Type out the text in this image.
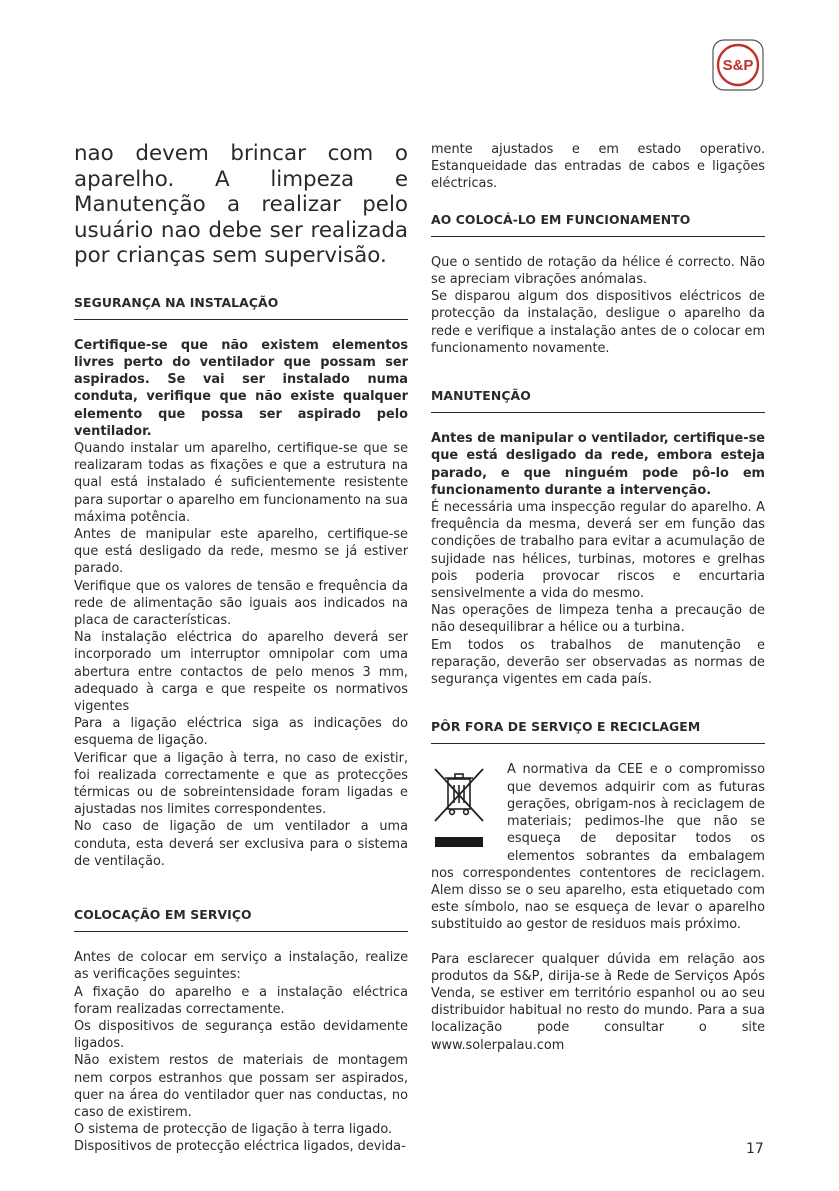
S&P

nao devem brincar com o aparelho. A limpeza e Manutenção a realizar pelo usuário nao debe ser realizada por crianças sem supervisão.

SEGURANÇA NA INSTALAÇÃO

Certifique-se que não existem elementos livres perto do ventilador que possam ser aspirados. Se vai ser instalado numa conduta, verifique que não existe qualquer elemento que possa ser aspirado pelo ventilador.

Quando instalar um aparelho, certifique-se que se realizaram todas as fixações e que a estrutura na qual está instalado é suficientemente resistente para suportar o aparelho em funcionamento na sua máxima potência.

Antes de manipular este aparelho, certifique-se que está desligado da rede, mesmo se já estiver parado.

Verifique que os valores de tensão e frequência da rede de alimentação são iguais aos indicados na placa de características.

Na instalação eléctrica do aparelho deverá ser incorporado um interruptor omnipolar com uma abertura entre contactos de pelo menos 3 mm, adequado à carga e que respeite os normativos vigentes

Para a ligação eléctrica siga as indicações do esquema de ligação.

Verificar que a ligação à terra, no caso de existir, foi realizada correctamente e que as protecções térmicas ou de sobreintensidade foram ligadas e ajustadas nos limites correspondentes.

No caso de ligação de um ventilador a uma conduta, esta deverá ser exclusiva para o sistema de ventilação.

COLOCAÇÃO EM SERVIÇO

Antes de colocar em serviço a instalação, realize as verificações seguintes:

A fixação do aparelho e a instalação eléctrica foram realizadas correctamente.

Os dispositivos de segurança estão devidamente ligados.

Não existem restos de materiais de montagem nem corpos estranhos que possam ser aspirados, quer na área do ventilador quer nas conductas, no caso de existirem.

O sistema de protecção de ligação à terra ligado.

Dispositivos de protecção eléctrica ligados, devida-

mente ajustados e em estado operativo. Estanqueidade das entradas de cabos e ligações eléctricas.

AO COLOCÁ-LO EM FUNCIONAMENTO

Que o sentido de rotação da hélice é correcto. Não se apreciam vibrações anómalas.

Se disparou algum dos dispositivos eléctricos de protecção da instalação, desligue o aparelho da rede e verifique a instalação antes de o colocar em funcionamento novamente.

MANUTENÇÃO

Antes de manipular o ventilador, certifique-se que está desligado da rede, embora esteja parado, e que ninguém pode pô-lo em funcionamento durante a intervenção.

É necessária uma inspecção regular do aparelho. A frequência da mesma, deverá ser em função das condições de trabalho para evitar a acumulação de sujidade nas hélices, turbinas, motores e grelhas pois poderia provocar riscos e encurtaria sensivelmente a vida do mesmo.

Nas operações de limpeza tenha a precaução de não desequilibrar a hélice ou a turbina.

Em todos os trabalhos de manutenção e reparação, deverão ser observadas as normas de segurança vigentes em cada país.

PÔR FORA DE SERVIÇO E RECICLAGEM

A normativa da CEE e o compromisso que devemos adquirir com as futuras gerações, obrigam-nos à reciclagem de materiais; pedimos-lhe que não se esqueça de depositar todos os elementos sobrantes da embalagem nos correspondentes contentores de reciclagem. Alem disso se o seu aparelho, esta etiquetado com este símbolo, nao se esqueça de levar o aparelho substituido ao gestor de residuos mais próximo.

Para esclarecer qualquer dúvida em relação aos produtos da S&P, dirija-se à Rede de Serviços Após Venda, se estiver em território espanhol ou ao seu distribuidor habitual no resto do mundo. Para a sua localização pode consultar o site www.solerpalau.com

17
